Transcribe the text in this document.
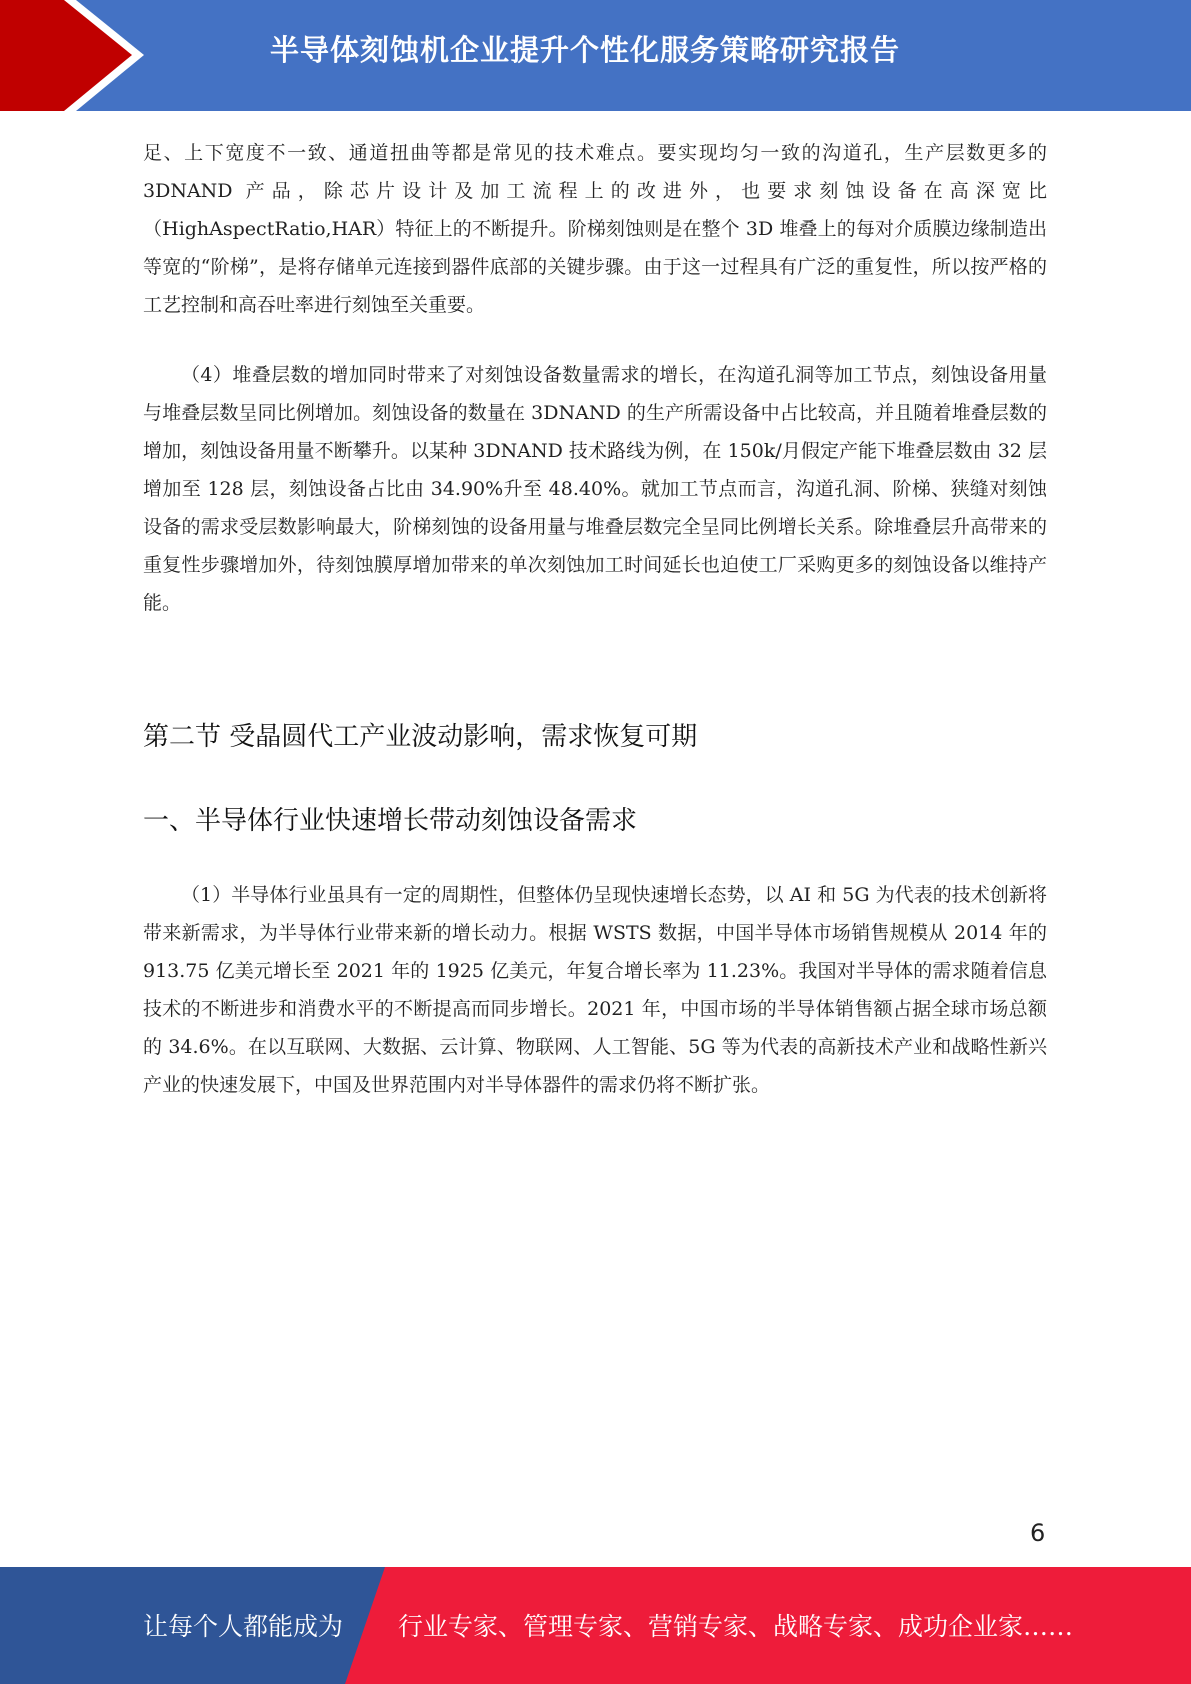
半导体刻蚀机企业提升个性化服务策略研究报告

足、上下宽度不一致、通道扭曲等都是常见的技术难点。要实现均匀一致的沟道孔，生产层数更多的 3DNAND 产品，除芯片设计及加工流程上的改进外，也要求刻蚀设备在高深宽比（HighAspectRatio,HAR）特征上的不断提升。阶梯刻蚀则是在整个 3D 堆叠上的每对介质膜边缘制造出等宽的“阶梯”，是将存储单元连接到器件底部的关键步骤。由于这一过程具有广泛的重复性，所以按严格的工艺控制和高吞吐率进行刻蚀至关重要。

（4）堆叠层数的增加同时带来了对刻蚀设备数量需求的增长，在沟道孔洞等加工节点，刻蚀设备用量与堆叠层数呈同比例增加。刻蚀设备的数量在 3DNAND 的生产所需设备中占比较高，并且随着堆叠层数的增加，刻蚀设备用量不断攀升。以某种 3DNAND 技术路线为例，在 150k/月假定产能下堆叠层数由 32 层增加至 128 层，刻蚀设备占比由 34.90%升至 48.40%。就加工节点而言，沟道孔洞、阶梯、狭缝对刻蚀设备的需求受层数影响最大，阶梯刻蚀的设备用量与堆叠层数完全呈同比例增长关系。除堆叠层升高带来的重复性步骤增加外，待刻蚀膜厚增加带来的单次刻蚀加工时间延长也迫使工厂采购更多的刻蚀设备以维持产能。

第二节 受晶圆代工产业波动影响，需求恢复可期
一、半导体行业快速增长带动刻蚀设备需求

（1）半导体行业虽具有一定的周期性，但整体仍呈现快速增长态势，以 AI 和 5G 为代表的技术创新将带来新需求，为半导体行业带来新的增长动力。根据 WSTS 数据，中国半导体市场销售规模从 2014 年的 913.75 亿美元增长至 2021 年的 1925 亿美元，年复合增长率为 11.23%。我国对半导体的需求随着信息技术的不断进步和消费水平的不断提高而同步增长。2021 年，中国市场的半导体销售额占据全球市场总额的 34.6%。在以互联网、大数据、云计算、物联网、人工智能、5G 等为代表的高新技术产业和战略性新兴产业的快速发展下，中国及世界范围内对半导体器件的需求仍将不断扩张。

6
让每个人都能成为 行业专家、管理专家、营销专家、战略专家、成功企业家……
